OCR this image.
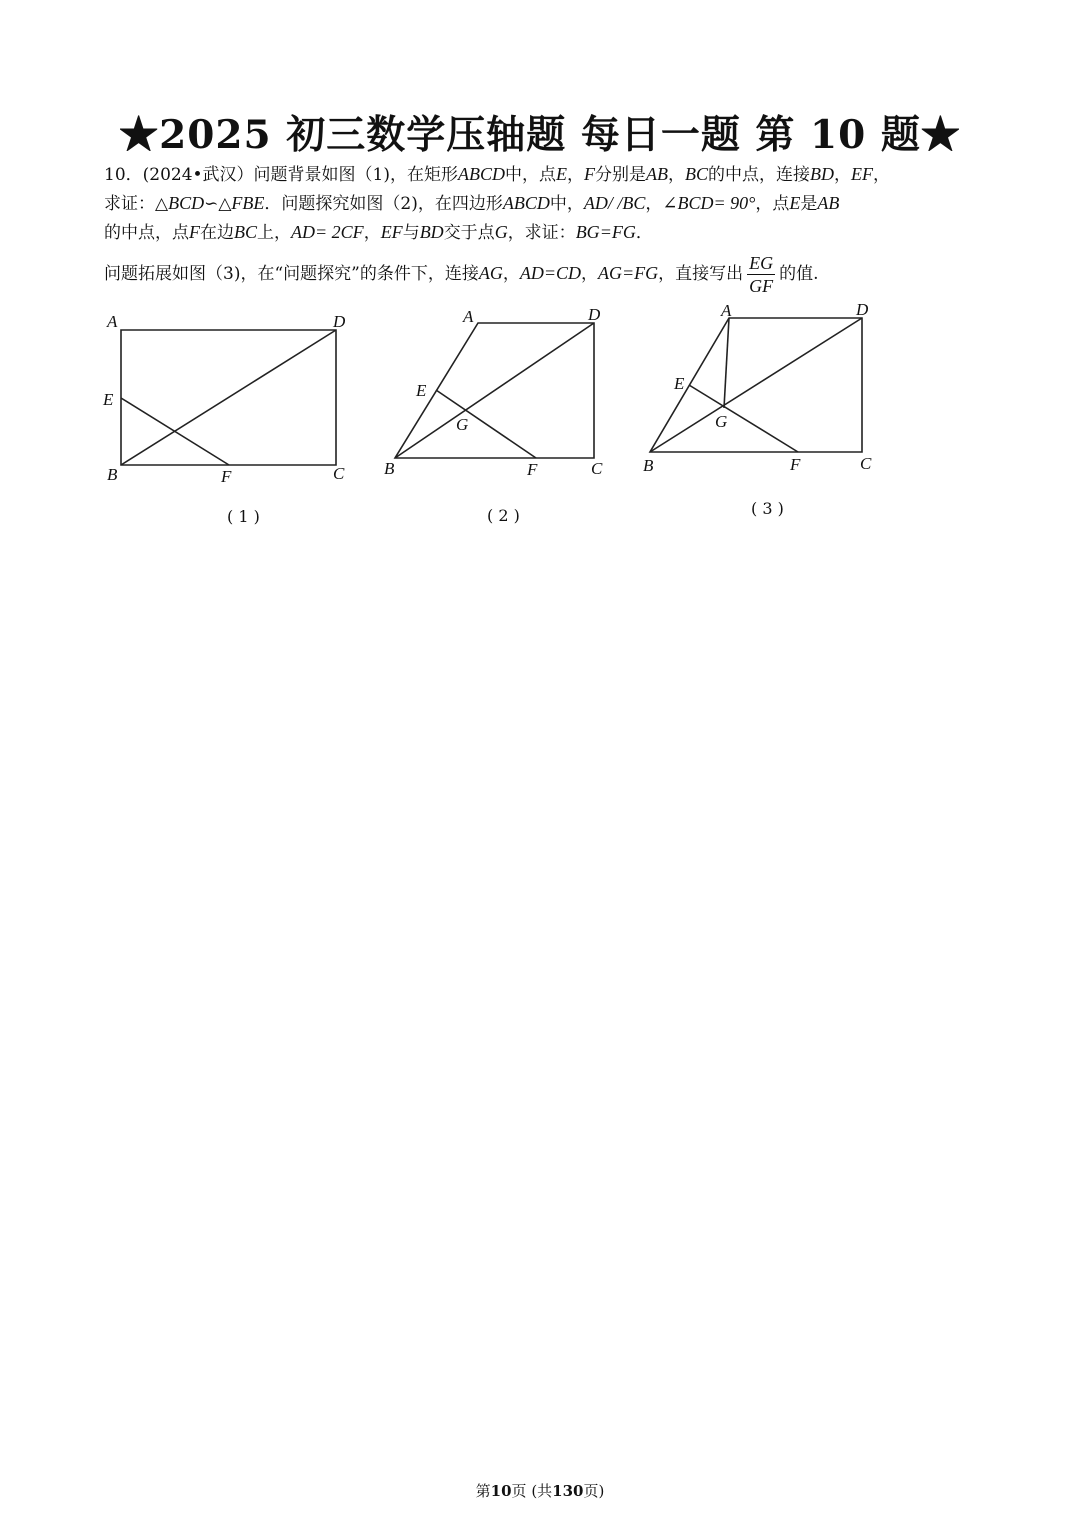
★2025 初三数学压轴题 每日一题 第 10 题★
10．(2024•武汉）问题背景如图（1)，在矩形ABCD中，点E，F分别是AB，BC的中点，连接BD，EF，
求证：△BCD∽△FBE．问题探究如图（2)，在四边形ABCD中，AD/ /BC，∠BCD= 90°，点E是AB
的中点，点F在边BC上，AD= 2CF，EF与BD交于点G，求证：BG=FG．
问题拓展如图（3)，在“问题探究”的条件下，连接AG，AD=CD，AG=FG，直接写出 $\frac{EG}{GF}$ 的值.
A	D
E
B	F	C
A	D
E
G
B	F	C
A	D
E
G
B	F	C
( 1 )	( 2 )	( 3 )
第10页 (共130页)
